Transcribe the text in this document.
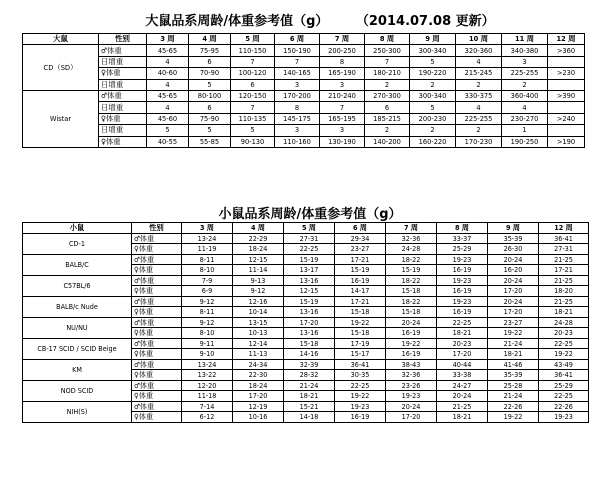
大鼠品系周龄/体重参考值（g）	（2014.07.08 更新）
大鼠	性别	3 周	4 周	5 周	6 周	7 周	8 周	9 周	10 周	11 周	12 周
CD（SD）	♂体重	45-65	75-95	110-150	150-190	200-250	250-300	300-340	320-360	340-380	>360
	日增重	4	6	7	7	8	7	5	4	3	
	♀体重	40-60	70-90	100-120	140-165	165-190	180-210	190-220	215-245	225-255	>230
	日增重	4	5	6	3	3	2	2	2	2	
Wistar	♂体重	45-65	80-100	120-150	170-200	210-240	270-300	300-340	330-375	360-400	>390
	日增重	4	6	7	8	7	6	5	4	4	
	♀体重	45-60	75-90	110-135	145-175	165-195	185-215	200-230	225-255	230-270	>240
	日增重	5	5	5	3	3	2	2	2	1	
	♀体重	40-55	55-85	90-130	110-160	130-190	140-200	160-220	170-230	190-250	>190
小鼠品系周龄/体重参考值（g）
小鼠	性别	3 周	4 周	5 周	6 周	7 周	8 周	9 周	12 周
CD-1	♂体重	13-24	22-29	27-31	29-34	32-36	33-37	35-39	36-41
	♀体重	11-19	18-24	22-25	23-27	24-28	25-29	26-30	27-31
BALB/C	♂体重	8-11	12-15	15-19	17-21	18-22	19-23	20-24	21-25
	♀体重	8-10	11-14	13-17	15-19	15-19	16-19	16-20	17-21
C57BL/6	♂体重	7-9	9-13	13-16	16-19	18-22	19-23	20-24	21-25
	♀体重	6-9	9-12	12-15	14-17	15-18	16-19	17-20	18-20
BALB/c Nude	♂体重	9-12	12-16	15-19	17-21	18-22	19-23	20-24	21-25
	♀体重	8-11	10-14	13-16	15-18	15-18	16-19	17-20	18-21
NU/NU	♂体重	9-12	13-15	17-20	19-22	20-24	22-25	23-27	24-28
	♀体重	8-10	10-13	13-16	15-18	16-19	18-21	19-22	20-23
CB-17 SCID / SCID Beige	♂体重	9-11	12-14	15-18	17-19	19-22	20-23	21-24	22-25
	♀体重	9-10	11-13	14-16	15-17	16-19	17-20	18-21	19-22
KM	♂体重	13-24	24-34	32-39	36-41	38-43	40-44	41-46	43-49
	♀体重	13-22	22-30	28-32	30-35	32-36	33-38	35-39	36-41
NOD SCID	♂体重	12-20	18-24	21-24	22-25	23-26	24-27	25-28	25-29
	♀体重	11-18	17-20	18-21	19-22	19-23	20-24	21-24	22-25
NIH(S)	♂体重	7-14	12-19	15-21	19-23	20-24	21-25	22-26	22-26
	♀体重	6-12	10-16	14-18	16-19	17-20	18-21	19-22	19-23
